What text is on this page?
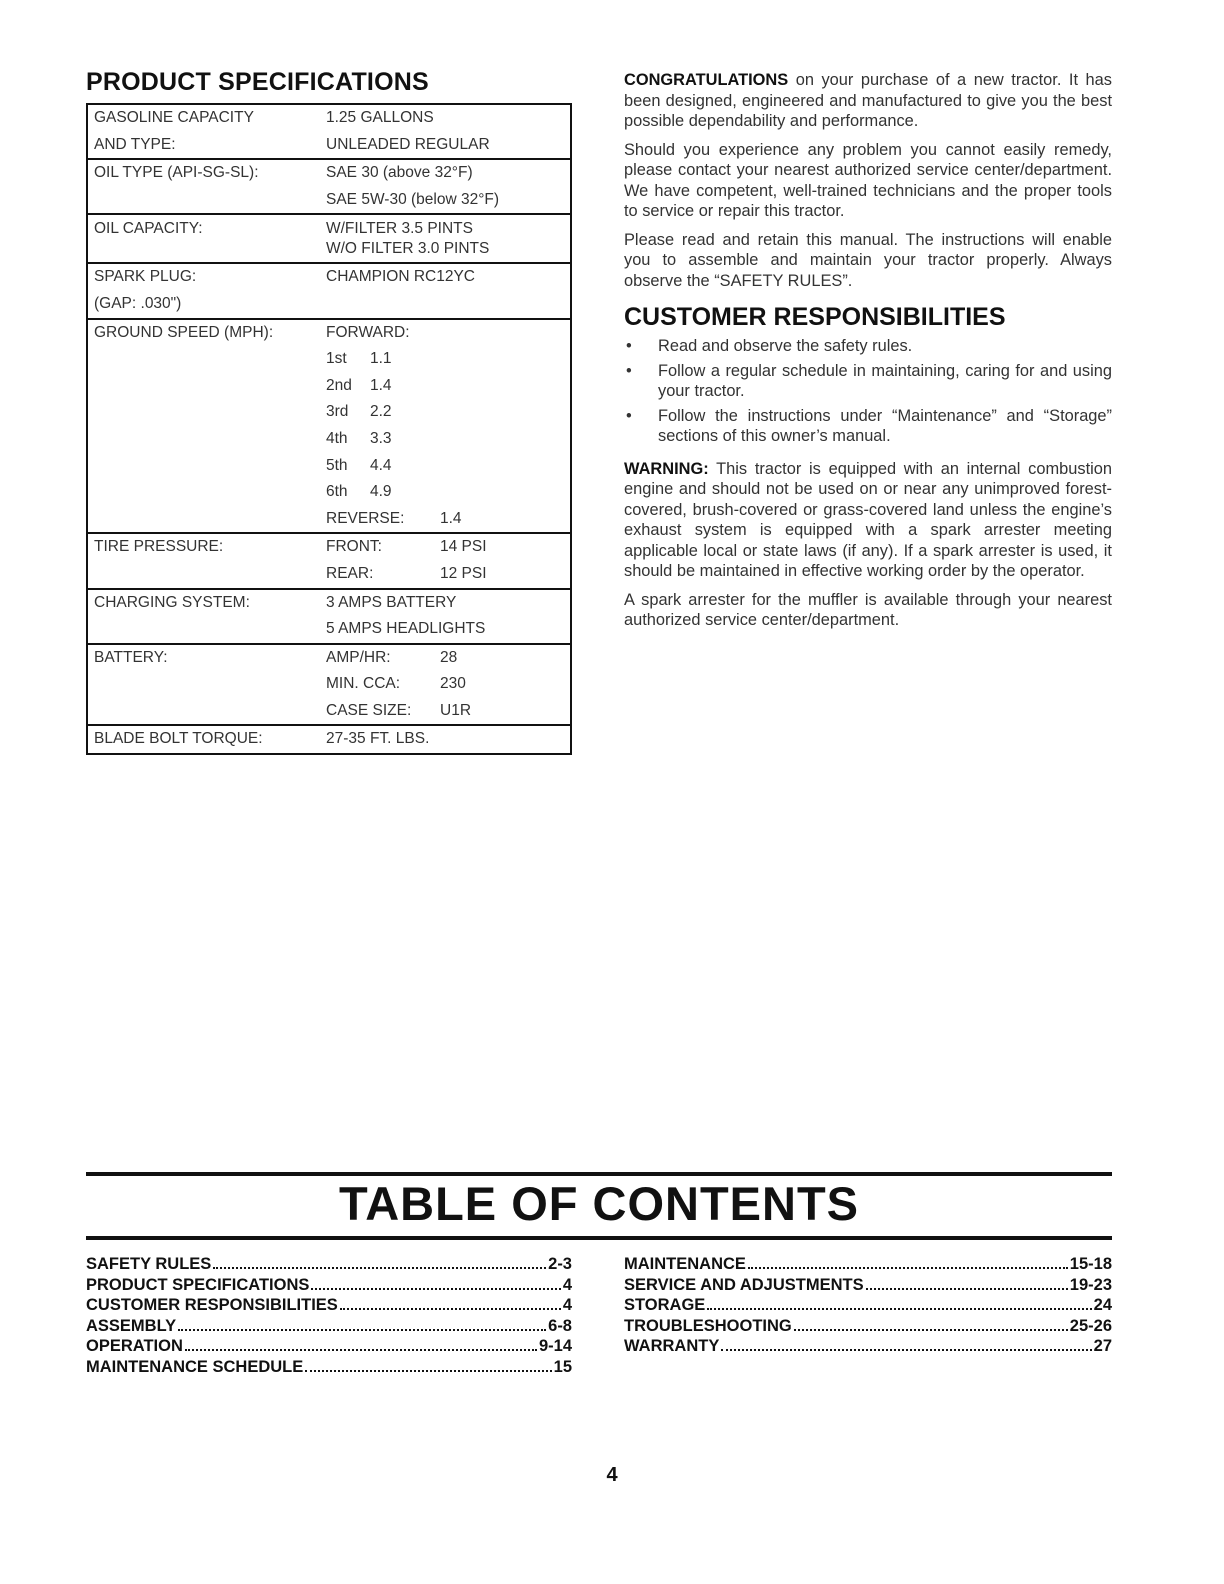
PRODUCT SPECIFICATIONS
GASOLINE CAPACITY	1.25 GALLONS
AND TYPE:	UNLEADED REGULAR
OIL TYPE (API-SG-SL):	SAE 30 (above 32°F)
	SAE 5W-30 (below 32°F)
OIL CAPACITY:	W/FILTER 3.5 PINTS
	W/O FILTER 3.0 PINTS
SPARK PLUG:	CHAMPION RC12YC
(GAP: .030")	
GROUND SPEED (MPH):	FORWARD:
	1st 1.1
	2nd 1.4
	3rd 2.2
	4th 3.3
	5th 4.4
	6th 4.9
	REVERSE: 1.4
TIRE PRESSURE:	FRONT: 14 PSI
	REAR: 12 PSI
CHARGING SYSTEM:	3 AMPS BATTERY
	5 AMPS HEADLIGHTS
BATTERY:	AMP/HR: 28
	MIN. CCA: 230
	CASE SIZE: U1R
BLADE BOLT TORQUE:	27-35 FT. LBS.

CONGRATULATIONS on your purchase of a new tractor. It has been designed, engineered and manufactured to give you the best possible dependability and performance.

Should you experience any problem you cannot easily remedy, please contact your nearest authorized service center/department. We have competent, well-trained technicians and the proper tools to service or repair this tractor.

Please read and retain this manual. The instructions will enable you to assemble and maintain your tractor properly. Always observe the “SAFETY RULES”.

CUSTOMER RESPONSIBILITIES
• Read and observe the safety rules.
• Follow a regular schedule in maintaining, caring for and using your tractor.
• Follow the instructions under “Maintenance” and “Storage” sections of this owner’s manual.

WARNING: This tractor is equipped with an internal combustion engine and should not be used on or near any unimproved forest-covered, brush-covered or grass-covered land unless the engine’s exhaust system is equipped with a spark arrester meeting applicable local or state laws (if any). If a spark arrester is used, it should be maintained in effective working order by the operator.

A spark arrester for the muffler is available through your nearest authorized service center/department.

TABLE OF CONTENTS
SAFETY RULES	2-3
PRODUCT SPECIFICATIONS	4
CUSTOMER RESPONSIBILITIES	4
ASSEMBLY	6-8
OPERATION	9-14
MAINTENANCE SCHEDULE	15
MAINTENANCE	15-18
SERVICE AND ADJUSTMENTS	19-23
STORAGE	24
TROUBLESHOOTING	25-26
WARRANTY	27
4
